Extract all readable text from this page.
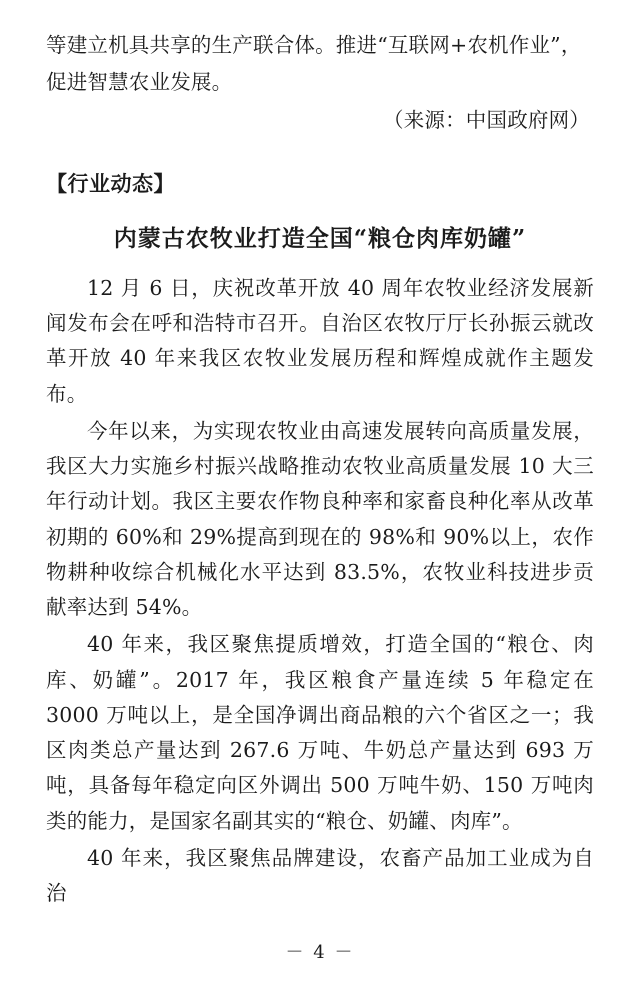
等建立机具共享的生产联合体。推进“互联网+农机作业”，

促进智慧农业发展。

（来源：中国政府网）

【行业动态】
内蒙古农牧业打造全国“粮仓肉库奶罐”

12 月 6 日，庆祝改革开放 40 周年农牧业经济发展新闻发布会在呼和浩特市召开。自治区农牧厅厅长孙振云就改革开放 40 年来我区农牧业发展历程和辉煌成就作主题发布。

今年以来，为实现农牧业由高速发展转向高质量发展，我区大力实施乡村振兴战略推动农牧业高质量发展 10 大三年行动计划。我区主要农作物良种率和家畜良种化率从改革初期的 60%和 29%提高到现在的 98%和 90%以上，农作物耕种收综合机械化水平达到 83.5%，农牧业科技进步贡献率达到 54%。

40 年来，我区聚焦提质增效，打造全国的“粮仓、肉库、奶罐”。2017 年，我区粮食产量连续 5 年稳定在 3000 万吨以上，是全国净调出商品粮的六个省区之一；我区肉类总产量达到 267.6 万吨、牛奶总产量达到 693 万吨，具备每年稳定向区外调出 500 万吨牛奶、150 万吨肉类的能力，是国家名副其实的“粮仓、奶罐、肉库”。

40 年来，我区聚焦品牌建设，农畜产品加工业成为自治

－ 4 －
